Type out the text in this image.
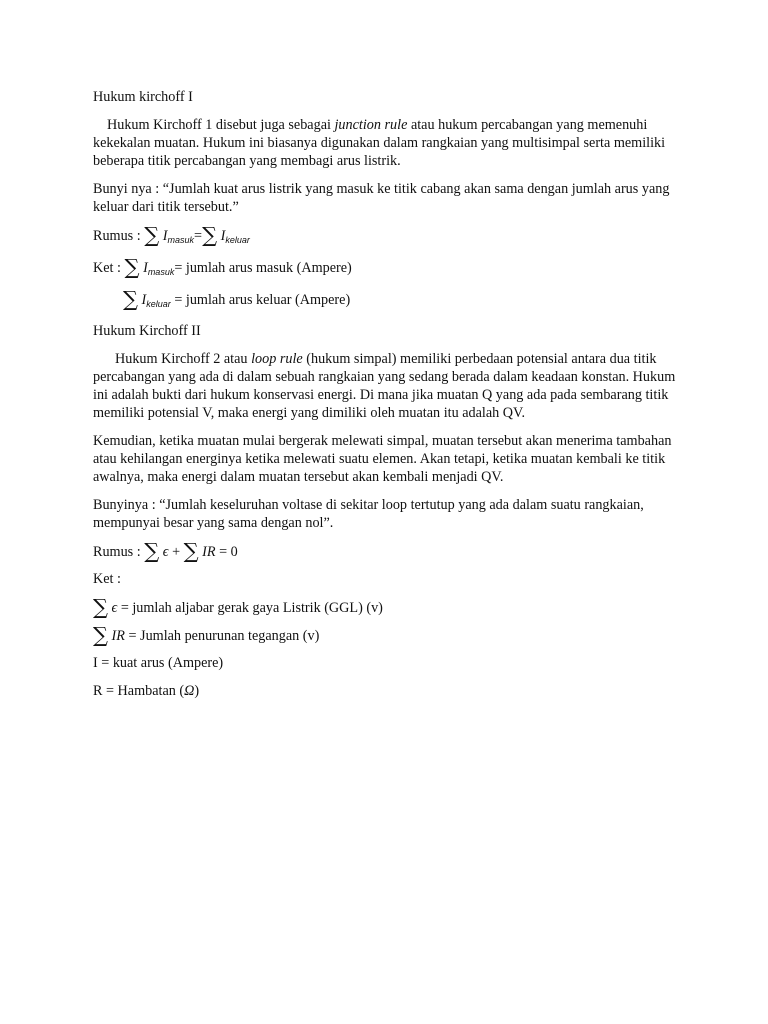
Hukum kirchoff I

Hukum Kirchoff 1 disebut juga sebagai junction rule atau hukum percabangan yang memenuhi kekekalan muatan. Hukum ini biasanya digunakan dalam rangkaian yang multisimpal serta memiliki beberapa titik percabangan yang membagi arus listrik.

Bunyi nya : “Jumlah kuat arus listrik yang masuk ke titik cabang akan sama dengan jumlah arus yang keluar dari titik tersebut.”

Rumus : ∑ $I_{masuk}=\sum$ $I_{keluar}$

Ket : ∑ $I_{masuk}=$ jumlah arus masuk (Ampere)

∑ $I_{keluar}$ = jumlah arus keluar (Ampere)

Hukum Kirchoff II

Hukum Kirchoff 2 atau loop rule (hukum simpal) memiliki perbedaan potensial antara dua titik percabangan yang ada di dalam sebuah rangkaian yang sedang berada dalam keadaan konstan. Hukum ini adalah bukti dari hukum konservasi energi. Di mana jika muatan Q yang ada pada sembarang titik memiliki potensial V, maka energi yang dimiliki oleh muatan itu adalah QV.

Kemudian, ketika muatan mulai bergerak melewati simpal, muatan tersebut akan menerima tambahan atau kehilangan energinya ketika melewati suatu elemen. Akan tetapi, ketika muatan kembali ke titik awalnya, maka energi dalam muatan tersebut akan kembali menjadi QV.

Bunyinya : “Jumlah keseluruhan voltase di sekitar loop tertutup yang ada dalam suatu rangkaian, mempunyai besar yang sama dengan nol”.

Rumus : ∑ ϵ + ∑ IR = 0

Ket :

∑ ϵ = jumlah aljabar gerak gaya Listrik (GGL) (v)

∑ IR = Jumlah penurunan tegangan (v)

I = kuat arus (Ampere)

R = Hambatan (Ω)
